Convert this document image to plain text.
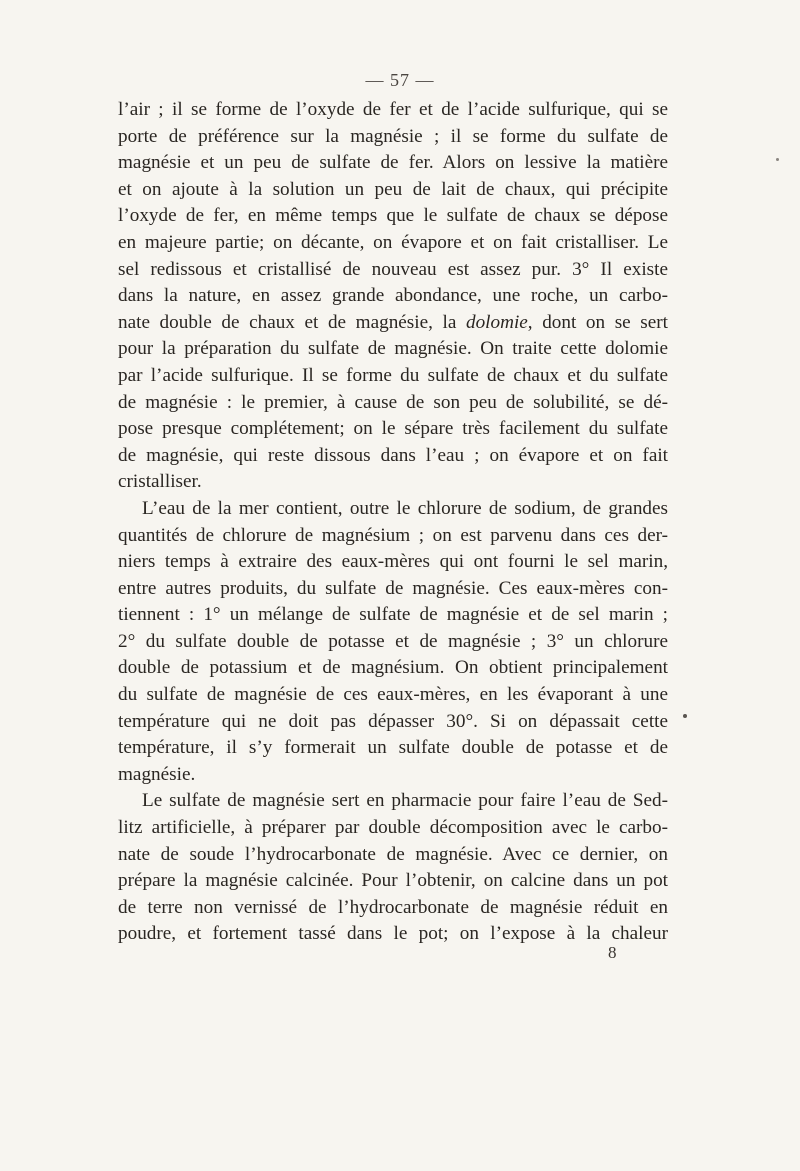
— 57 —

l’air ; il se forme de l’oxyde de fer et de l’acide sulfurique, qui se
porte de préférence sur la magnésie ; il se forme du sulfate de
magnésie et un peu de sulfate de fer. Alors on lessive la matière
et on ajoute à la solution un peu de lait de chaux, qui précipite
l’oxyde de fer, en même temps que le sulfate de chaux se dépose
en majeure partie; on décante, on évapore et on fait cristalliser. Le
sel redissous et cristallisé de nouveau est assez pur. 3° Il existe
dans la nature, en assez grande abondance, une roche, un carbo-
nate double de chaux et de magnésie, la dolomie, dont on se sert
pour la préparation du sulfate de magnésie. On traite cette dolomie
par l’acide sulfurique. Il se forme du sulfate de chaux et du sulfate
de magnésie : le premier, à cause de son peu de solubilité, se dé-
pose presque complétement; on le sépare très facilement du sulfate
de magnésie, qui reste dissous dans l’eau ; on évapore et on fait
cristalliser.

L’eau de la mer contient, outre le chlorure de sodium, de grandes
quantités de chlorure de magnésium ; on est parvenu dans ces der-
niers temps à extraire des eaux-mères qui ont fourni le sel marin,
entre autres produits, du sulfate de magnésie. Ces eaux-mères con-
tiennent : 1° un mélange de sulfate de magnésie et de sel marin ;
2° du sulfate double de potasse et de magnésie ; 3° un chlorure
double de potassium et de magnésium. On obtient principalement
du sulfate de magnésie de ces eaux-mères, en les évaporant à une
température qui ne doit pas dépasser 30°. Si on dépassait cette
température, il s’y formerait un sulfate double de potasse et de
magnésie.

Le sulfate de magnésie sert en pharmacie pour faire l’eau de Sed-
litz artificielle, à préparer par double décomposition avec le carbo-
nate de soude l’hydrocarbonate de magnésie. Avec ce dernier, on
prépare la magnésie calcinée. Pour l’obtenir, on calcine dans un pot
de terre non vernissé de l’hydrocarbonate de magnésie réduit en
poudre, et fortement tassé dans le pot; on l’expose à la chaleur

8
